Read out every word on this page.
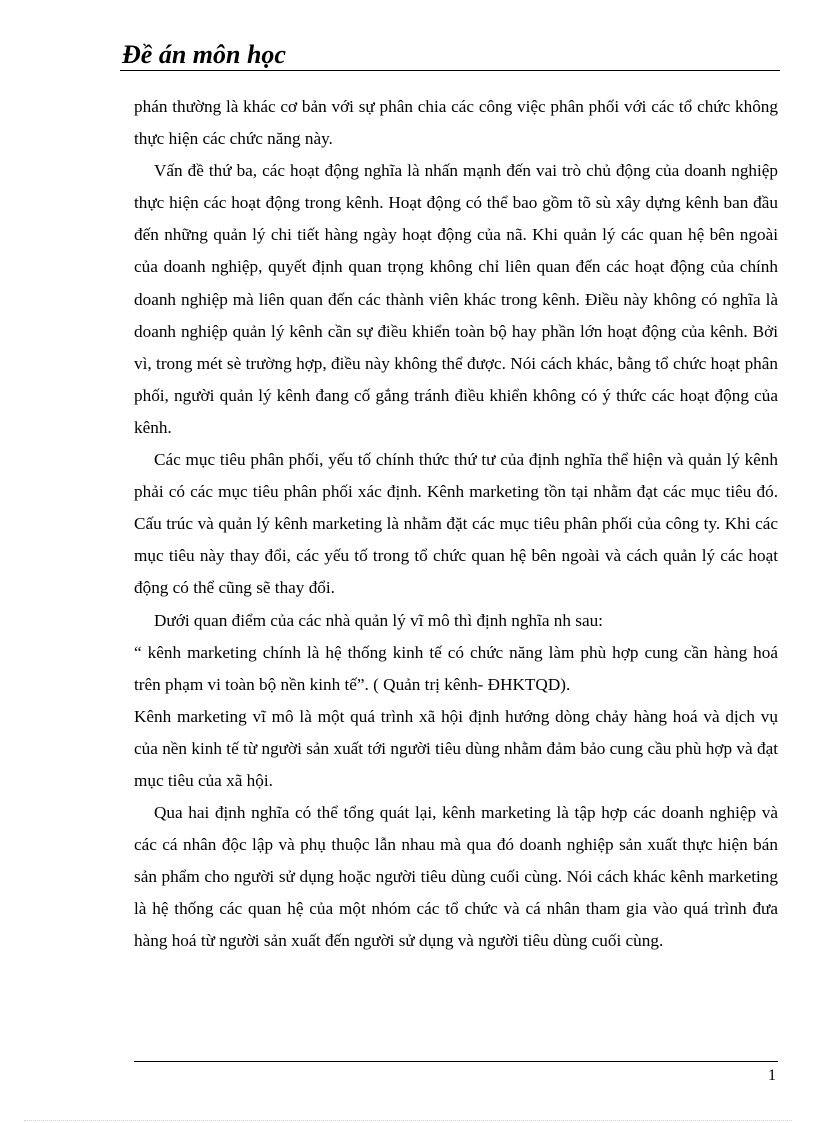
Đề án môn học

phán thường là khác cơ bản với sự phân chia các công việc phân phối với các tổ chức không thực hiện các chức năng này.

Vấn đề thứ ba, các hoạt động nghĩa là nhấn mạnh đến vai trò chủ động của doanh nghiệp thực hiện các hoạt động trong kênh. Hoạt động có thể bao gồm tõ sù xây dựng kênh ban đầu đến những quản lý chi tiết hàng ngày hoạt động của nã. Khi quản lý các quan hệ bên ngoài của doanh nghiệp, quyết định quan trọng không chỉ liên quan đến các hoạt động của chính doanh nghiệp mà liên quan đến các thành viên khác trong kênh. Điều này không có nghĩa là doanh nghiệp quản lý kênh cần sự điều khiển toàn bộ hay phần lớn hoạt động của kênh. Bởi vì, trong mét sè trường hợp, điều này không thể được. Nói cách khác, bằng tổ chức hoạt phân phối, người quản lý kênh đang cố gắng tránh điều khiển không có ý thức các hoạt động của kênh.

Các mục tiêu phân phối, yếu tố chính thức thứ tư của định nghĩa thể hiện và quản lý kênh phải có các mục tiêu phân phối xác định. Kênh marketing tồn tại nhằm đạt các mục tiêu đó. Cấu trúc và quản lý kênh marketing là nhằm đặt các mục tiêu phân phối của công ty. Khi các mục tiêu này thay đổi, các yếu tố trong tổ chức quan hệ bên ngoài và cách quản lý các hoạt động có thể cũng sẽ thay đổi.

Dưới quan điểm của các nhà quản lý vĩ mô thì định nghĩa nh sau:

“ kênh marketing chính là hệ thống kinh tế có chức năng làm phù hợp cung cần hàng hoá trên phạm vi toàn bộ nền kinh tế”. ( Quản trị kênh- ĐHKTQD).

Kênh marketing vĩ mô là một quá trình xã hội định hướng dòng chảy hàng hoá và dịch vụ của nền kinh tế từ người sản xuất tới người tiêu dùng nhằm đảm bảo cung cầu phù hợp và đạt mục tiêu của xã hội.

Qua hai định nghĩa có thể tổng quát lại, kênh marketing là tập hợp các doanh nghiệp và các cá nhân độc lập và phụ thuộc lẫn nhau mà qua đó doanh nghiệp sản xuất thực hiện bán sản phẩm cho người sử dụng hoặc người tiêu dùng cuối cùng. Nói cách khác kênh marketing là hệ thống các quan hệ của một nhóm các tổ chức và cá nhân tham gia vào quá trình đưa hàng hoá từ người sản xuất đến người sử dụng và người tiêu dùng cuối cùng.

1
